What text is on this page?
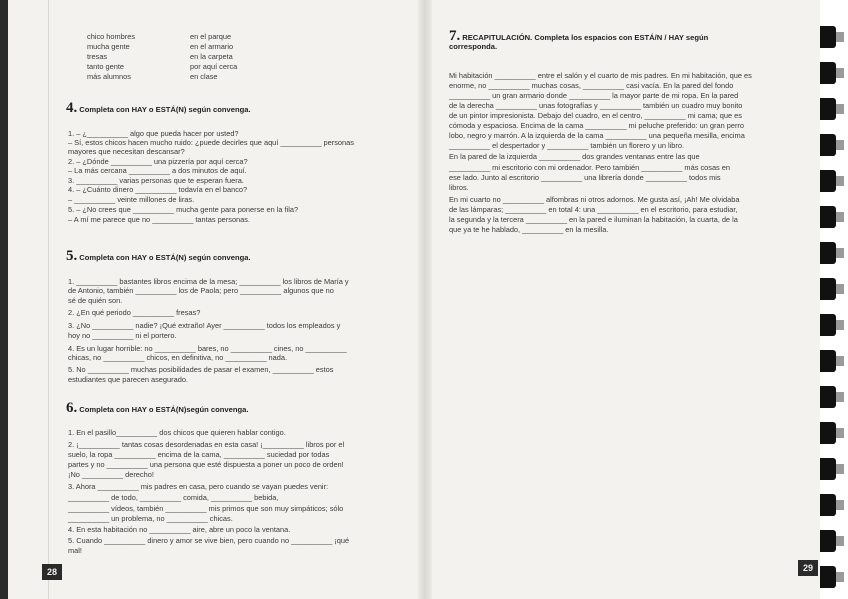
chico hombres	en el parque
mucha gente	en el armario
tresas	en la carpeta
tanto gente	por aquí cerca
más alumnos	en clase
4. Completa con HAY o ESTÁ(N) según convenga.
1. – ¿__________ algo que pueda hacer por usted?
– Sí, estos chicos hacen mucho ruido: ¿puede decirles que aquí __________ personas
mayores que necesitan descansar?
2. – ¿Dónde __________ una pizzería por aquí cerca?
– La más cercana __________ a dos minutos de aquí.
3. __________ varias personas que te esperan fuera.
4. – ¿Cuánto dinero __________ todavía en el banco?
– __________ veinte millones de liras.
5. – ¿No crees que __________ mucha gente para ponerse en la fila?
– A mí me parece que no __________ tantas personas.
5. Completa con HAY o ESTÁ(N) según convenga.
1. __________ bastantes libros encima de la mesa; __________ los libros de María y
de Antonio, también __________ los de Paola; pero __________ algunos que no
sé de quién son.
2. ¿En qué periodo __________ fresas?
3. ¿No __________ nadie? ¡Qué extraño! Ayer __________ todos los empleados y
hoy no __________ ni el portero.
4. Es un lugar horrible: no __________ bares, no __________ cines, no __________
chicas, no __________ chicos, en definitiva, no __________ nada.
5. No __________ muchas posibilidades de pasar el examen, __________ estos
estudiantes que parecen asegurado.
6. Completa con HAY o ESTÁ(N)según convenga.
1. En el pasillo__________ dos chicos que quieren hablar contigo.
2. ¡__________ tantas cosas desordenadas en esta casa! ¡__________ libros por el
suelo, la ropa __________ encima de la cama, __________ suciedad por todas
partes y no __________ una persona que esté dispuesta a poner un poco de orden!
¡No __________ derecho!
3. Ahora __________ mis padres en casa, pero cuando se vayan puedes venir:
__________ de todo, __________ comida, __________ bebida,
__________ vídeos, también __________ mis primos que son muy simpáticos; sólo
__________ un problema, no __________ chicas.
4. En esta habitación no __________ aire, abre un poco la ventana.
5. Cuando __________ dinero y amor se vive bien, pero cuando no __________ ¡qué
mal!
28
7. RECAPITULACIÓN. Completa los espacios con ESTÁ/N / HAY según
corresponda.
Mi habitación __________ entre el salón y el cuarto de mis padres. En mi habitación, que es
enorme, no __________ muchas cosas, __________ casi vacía. En la pared del fondo
__________ un gran armario donde __________ la mayor parte de mi ropa. En la pared
de la derecha __________ unas fotografías y __________ también un cuadro muy bonito
de un pintor impresionista. Debajo del cuadro, en el centro, __________ mi cama; que es
cómoda y espaciosa. Encima de la cama __________ mi peluche preferido: un gran perro
lobo, negro y marrón. A la izquierda de la cama __________ una pequeña mesilla, encima
__________ el despertador y __________ también un florero y un libro.
En la pared de la izquierda __________ dos grandes ventanas entre las que
__________ mi escritorio con mi ordenador. Pero también __________ más cosas en
ese lado. Junto al escritorio __________ una librería donde __________ todos mis
libros.
En mi cuarto no __________ alfombras ni otros adornos. Me gusta así, ¡Ah! Me olvidaba
de las lámparas; __________ en total 4: una __________ en el escritorio, para estudiar,
la segunda y la tercera __________ en la pared e iluminan la habitación, la cuarta, de la
que ya te he hablado, __________ en la mesilla.
29
